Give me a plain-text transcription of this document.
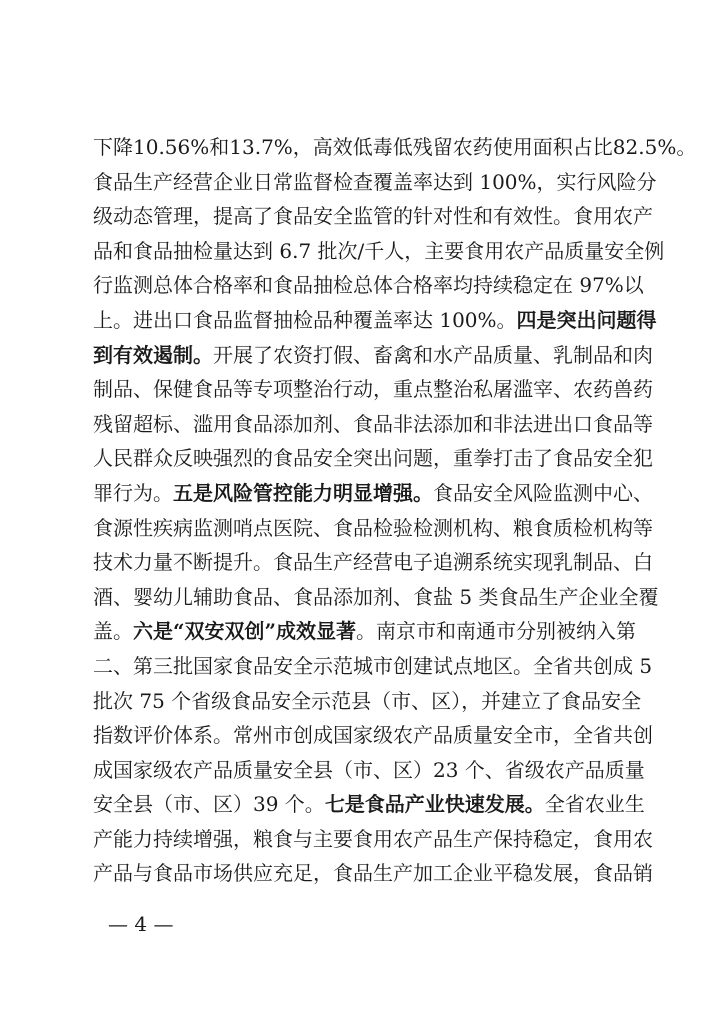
下降10.56%和13.7%，高效低毒低残留农药使用面积占比82.5%。
食品生产经营企业日常监督检查覆盖率达到 100%，实行风险分
级动态管理，提高了食品安全监管的针对性和有效性。食用农产
品和食品抽检量达到 6.7 批次/千人，主要食用农产品质量安全例
行监测总体合格率和食品抽检总体合格率均持续稳定在 97%以
上。进出口食品监督抽检品种覆盖率达 100%。四是突出问题得
到有效遏制。开展了农资打假、畜禽和水产品质量、乳制品和肉
制品、保健食品等专项整治行动，重点整治私屠滥宰、农药兽药
残留超标、滥用食品添加剂、食品非法添加和非法进出口食品等
人民群众反映强烈的食品安全突出问题，重拳打击了食品安全犯
罪行为。五是风险管控能力明显增强。食品安全风险监测中心、
食源性疾病监测哨点医院、食品检验检测机构、粮食质检机构等
技术力量不断提升。食品生产经营电子追溯系统实现乳制品、白
酒、婴幼儿辅助食品、食品添加剂、食盐 5 类食品生产企业全覆
盖。六是“双安双创”成效显著。南京市和南通市分别被纳入第
二、第三批国家食品安全示范城市创建试点地区。全省共创成 5
批次 75 个省级食品安全示范县（市、区），并建立了食品安全
指数评价体系。常州市创成国家级农产品质量安全市，全省共创
成国家级农产品质量安全县（市、区）23 个、省级农产品质量
安全县（市、区）39 个。七是食品产业快速发展。全省农业生
产能力持续增强，粮食与主要食用农产品生产保持稳定，食用农
产品与食品市场供应充足，食品生产加工企业平稳发展，食品销
— 4 —
